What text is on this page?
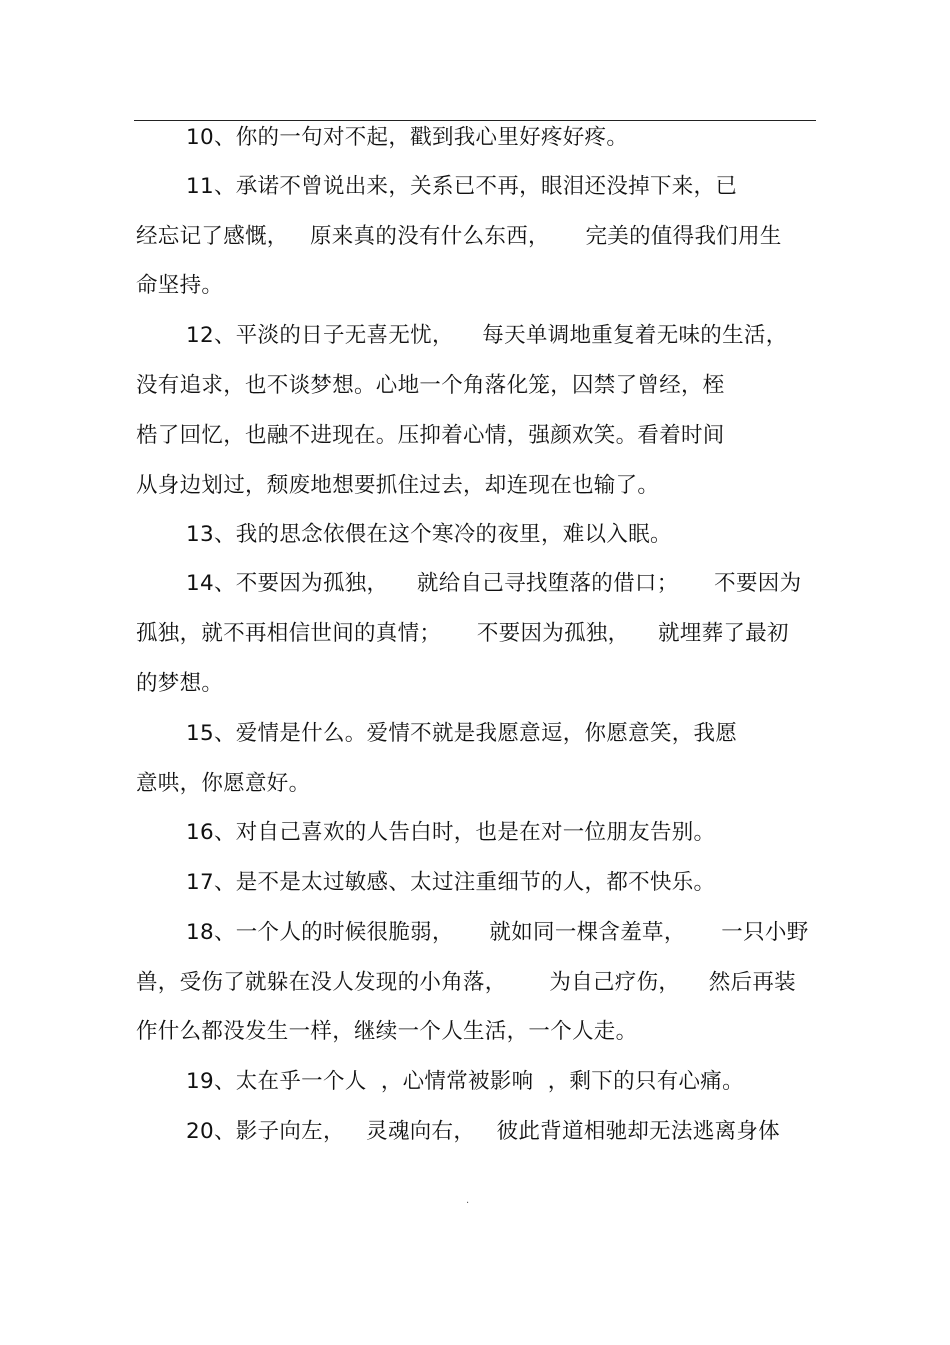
10、你的一句对不起，戳到我心里好疼好疼。
11、承诺不曾说出来，关系已不再，眼泪还没掉下来，已
经忘记了感慨，   原来真的没有什么东西，     完美的值得我们用生
命坚持。
12、平淡的日子无喜无忧，    每天单调地重复着无味的生活，
没有追求，也不谈梦想。心地一个角落化笼，囚禁了曾经，桎
梏了回忆，也融不进现在。压抑着心情，强颜欢笑。看着时间
从身边划过，颓废地想要抓住过去，却连现在也输了。
13、我的思念依偎在这个寒冷的夜里，难以入眠。
14、不要因为孤独，    就给自己寻找堕落的借口；     不要因为
孤独，就不再相信世间的真情；     不要因为孤独，    就埋葬了最初
的梦想。
15、爱情是什么。爱情不就是我愿意逗，你愿意笑，我愿
意哄，你愿意好。
16、对自己喜欢的人告白时，也是在对一位朋友告别。
17、是不是太过敏感、太过注重细节的人，都不快乐。
18、一个人的时候很脆弱，     就如同一棵含羞草，     一只小野
兽，受伤了就躲在没人发现的小角落，      为自己疗伤，    然后再装
作什么都没发生一样，继续一个人生活，一个人走。
19、太在乎一个人  ，心情常被影响  ，剩下的只有心痛。
20、影子向左，   灵魂向右，   彼此背道相驰却无法逃离身体
.
